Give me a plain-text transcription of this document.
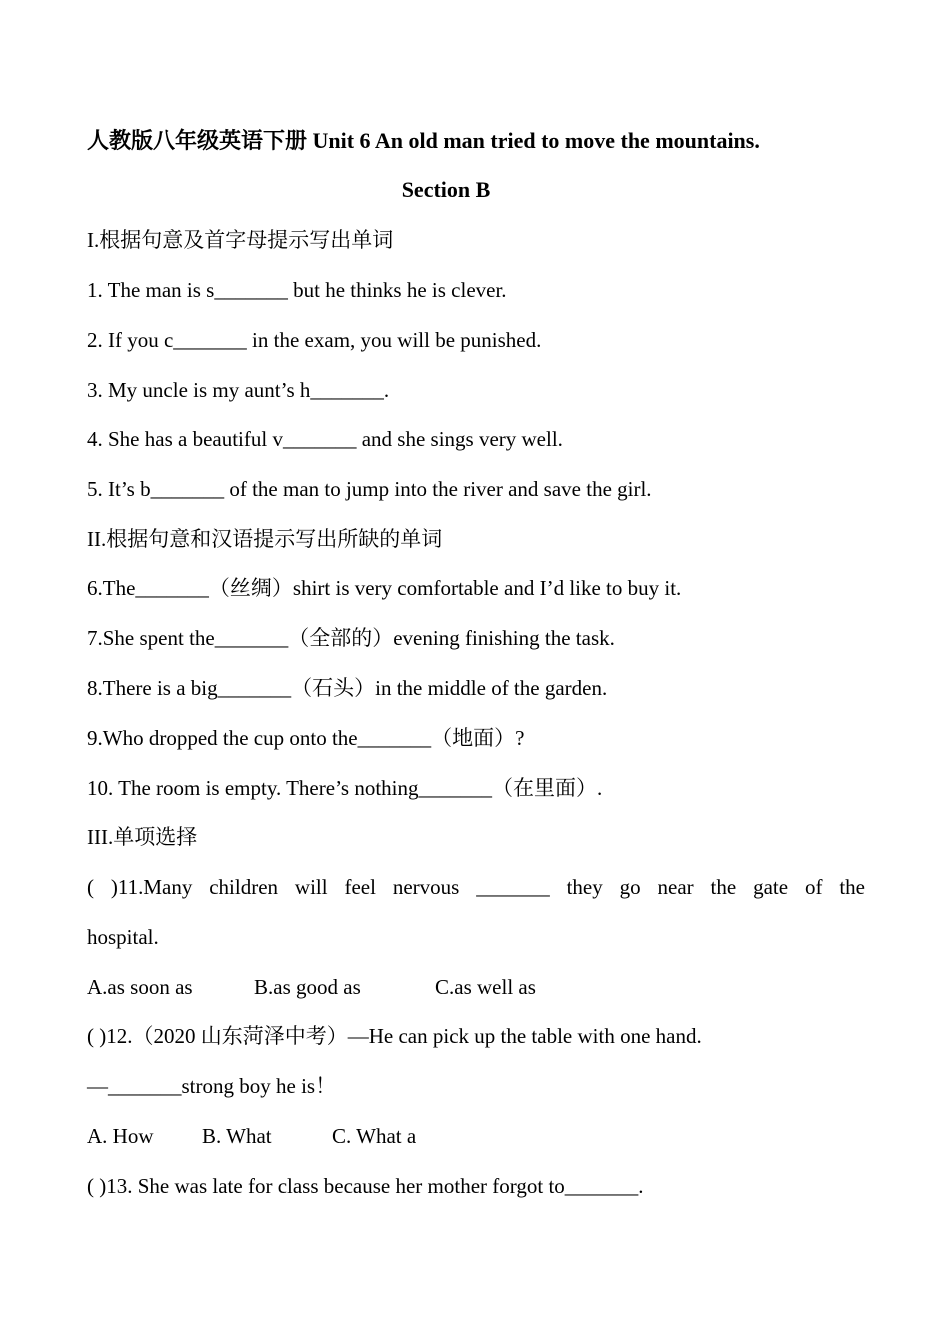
人教版八年级英语下册 Unit 6 An old man tried to move the mountains.
Section B
I.根据句意及首字母提示写出单词
1. The man is s_______ but he thinks he is clever.
2. If you c_______ in the exam, you will be punished.
3. My uncle is my aunt’s h_______.
4. She has a beautiful v_______ and she sings very well.
5. It’s b_______ of the man to jump into the river and save the girl.
II.根据句意和汉语提示写出所缺的单词
6.The_______（丝绸）shirt is very comfortable and I’d like to buy it.
7.She spent the_______（全部的）evening finishing the task.
8.There is a big_______（石头）in the middle of the garden.
9.Who dropped the cup onto the_______（地面）?
10. The room is empty. There’s nothing_______（在里面）.
III.单项选择
( )11.Many children will feel nervous _______ they go near the gate of the
hospital.
A.as soon as	B.as good as	C.as well as
( )12.（2020 山东菏泽中考）—He can pick up the table with one hand.
—_______strong boy he is！
A. How B. What	C. What a
( )13. She was late for class because her mother forgot to_______.
